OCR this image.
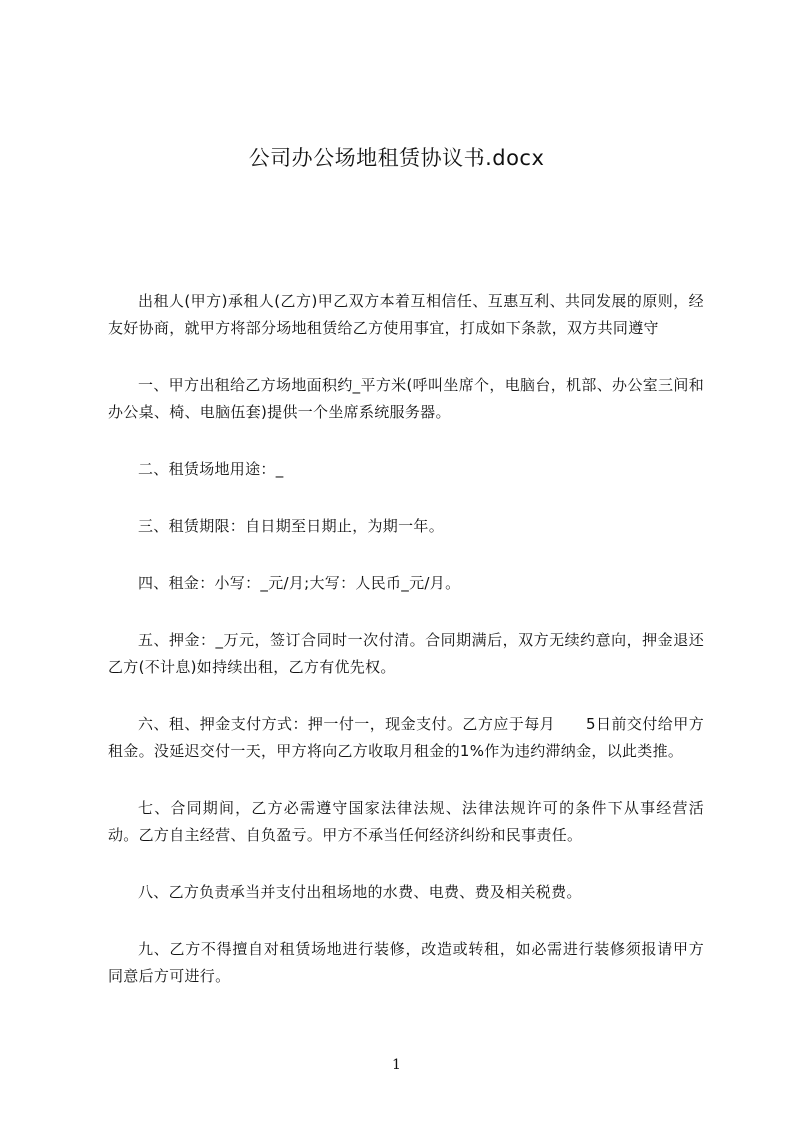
公司办公场地租赁协议书.docx

出租人(甲方)承租人(乙方)甲乙双方本着互相信任、互惠互利、共同发展的原则，经友好协商，就甲方将部分场地租赁给乙方使用事宜，打成如下条款，双方共同遵守

一、甲方出租给乙方场地面积约_平方米(呼叫坐席个，电脑台，机部、办公室三间和办公桌、椅、电脑伍套)提供一个坐席系统服务器。

二、租赁场地用途：_

三、租赁期限：自日期至日期止，为期一年。

四、租金：小写：_元/月;大写：人民币_元/月。

五、押金：_万元，签订合同时一次付清。合同期满后，双方无续约意向，押金退还乙方(不计息)如持续出租，乙方有优先权。

六、租、押金支付方式：押一付一，现金支付。乙方应于每月　　5日前交付给甲方租金。没延迟交付一天，甲方将向乙方收取月租金的1%作为违约滞纳金，以此类推。

七、合同期间，乙方必需遵守国家法律法规、法律法规许可的条件下从事经营活动。乙方自主经营、自负盈亏。甲方不承当任何经济纠纷和民事责任。

八、乙方负责承当并支付出租场地的水费、电费、费及相关税费。

九、乙方不得擅自对租赁场地进行装修，改造或转租，如必需进行装修须报请甲方同意后方可进行。

1
